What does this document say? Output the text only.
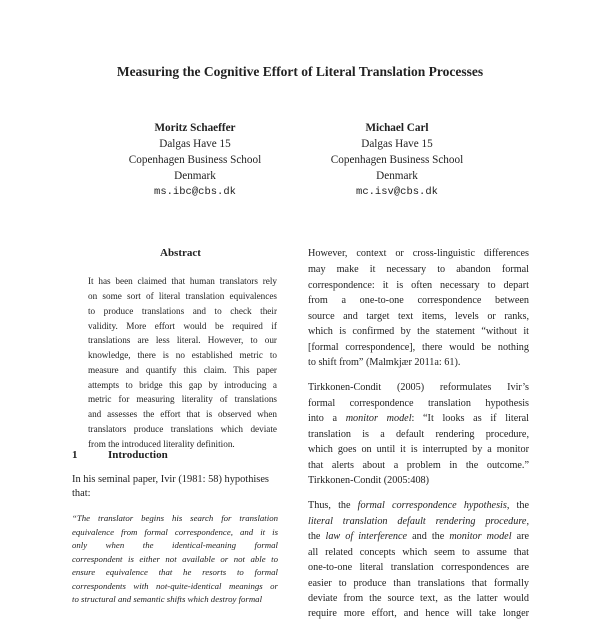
Measuring the Cognitive Effort of Literal Translation Processes
Moritz Schaeffer
Dalgas Have 15
Copenhagen Business School
Denmark
ms.ibc@cbs.dk
Michael Carl
Dalgas Have 15
Copenhagen Business School
Denmark
mc.isv@cbs.dk
Abstract
It has been claimed that human translators rely
on some sort of literal translation equivalences
to produce translations and to check their
validity. More effort would be required if
translations are less literal. However, to our
knowledge, there is no established metric to
measure and quantify this claim. This paper
attempts to bridge this gap by introducing a
metric for measuring literality of translations
and assesses the effort that is observed when
translators produce translations which deviate
from the introduced literality definition.
1	Introduction
In his seminal paper, Ivir (1981: 58) hypothises
that:
“The translator begins his search for translation
equivalence from formal correspondence, and it is
only when the identical-meaning formal
correspondent is either not available or not able to
ensure equivalence that he resorts to formal
correspondents with not-quite-identical meanings or
to structural and semantic shifts which destroy formal
However, context or cross-linguistic differences
may make it necessary to abandon formal
correspondence: it is often necessary to depart
from a one-to-one correspondence between
source and target text items, levels or ranks,
which is confirmed by the statement “without it
[formal correspondence], there would be nothing
to shift from” (Malmkjær 2011a: 61).
Tirkkonen-Condit (2005) reformulates Ivir’s
formal correspondence translation hypothesis
into a monitor model: “It looks as if literal
translation is a default rendering procedure,
which goes on until it is interrupted by a monitor
that alerts about a problem in the outcome.”
Tirkkonen-Condit (2005:408)
Thus, the formal correspondence hypothesis, the
literal translation default rendering procedure,
the law of interference and the monitor model are
all related concepts which seem to assume that
one-to-one literal translation correspondences are
easier to produce than translations that formally
deviate from the source text, as the latter would
require more effort, and hence will take longer
